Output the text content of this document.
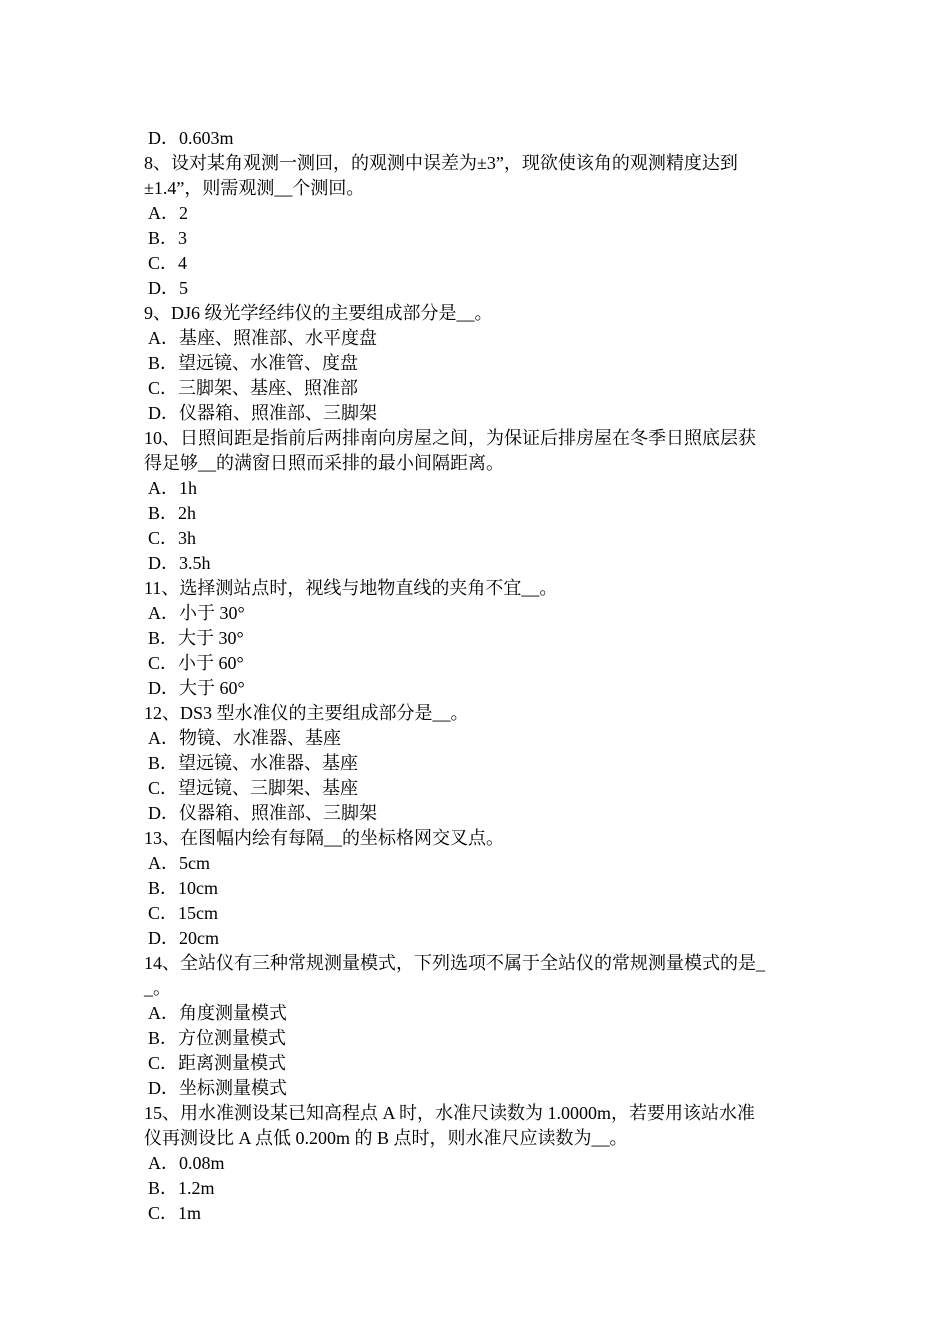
D．0.603m
8、设对某角观测一测回，的观测中误差为±3”，现欲使该角的观测精度达到
±1.4”，则需观测__个测回。
A．2
B．3
C．4
D．5
9、DJ6 级光学经纬仪的主要组成部分是__。
A．基座、照准部、水平度盘
B．望远镜、水准管、度盘
C．三脚架、基座、照准部
D．仪器箱、照准部、三脚架
10、日照间距是指前后两排南向房屋之间，为保证后排房屋在冬季日照底层获
得足够__的满窗日照而采排的最小间隔距离。
A．1h
B．2h
C．3h
D．3.5h
11、选择测站点时，视线与地物直线的夹角不宜__。
A．小于 30°
B．大于 30°
C．小于 60°
D．大于 60°
12、DS3 型水准仪的主要组成部分是__。
A．物镜、水准器、基座
B．望远镜、水准器、基座
C．望远镜、三脚架、基座
D．仪器箱、照准部、三脚架
13、在图幅内绘有每隔__的坐标格网交叉点。
A．5cm
B．10cm
C．15cm
D．20cm
14、全站仪有三种常规测量模式，下列选项不属于全站仪的常规测量模式的是_
_。
A．角度测量模式
B．方位测量模式
C．距离测量模式
D．坐标测量模式
15、用水准测设某已知高程点 A 时，水准尺读数为 1.0000m，若要用该站水准
仪再测设比 A 点低 0.200m 的 B 点时，则水准尺应读数为__。
A．0.08m
B．1.2m
C．1m
